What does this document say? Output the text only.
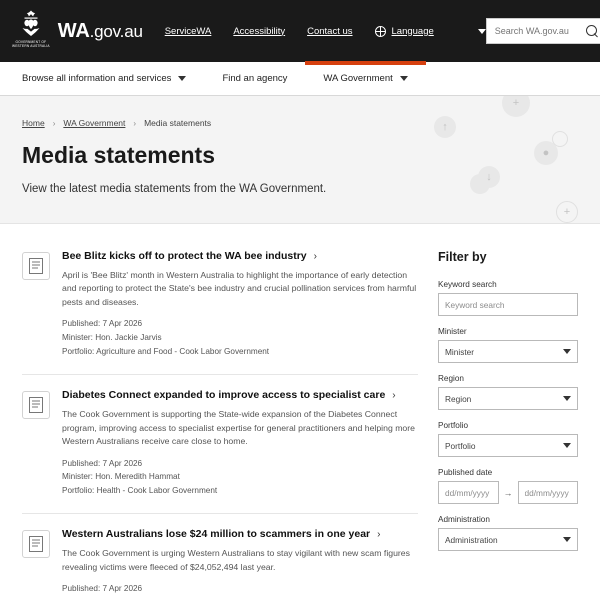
GOVERNMENT OF
WESTERN AUSTRALIA
WA.gov.au ServiceWA Accessibility Contact us	Language
Search WA.gov.au
Browse all information and services	Find an agency	WA Government
↑
+
●
↓
+
Home › WA Government › Media statements
Media statements
View the latest media statements from the WA Government.
Bee Blitz kicks off to protect the WA bee industry ›
April is 'Bee Blitz' month in Western Australia to highlight the importance of early detection and reporting to protect the State's bee industry and crucial pollination services from harmful pests and diseases.
Published: 7 Apr 2026
Minister: Hon. Jackie Jarvis
Portfolio: Agriculture and Food - Cook Labor Government
Diabetes Connect expanded to improve access to specialist care ›
The Cook Government is supporting the State-wide expansion of the Diabetes Connect program, improving access to specialist expertise for general practitioners and helping more Western Australians receive care close to home.
Published: 7 Apr 2026
Minister: Hon. Meredith Hammat
Portfolio: Health - Cook Labor Government
Western Australians lose $24 million to scammers in one year ›
The Cook Government is urging Western Australians to stay vigilant with new scam figures revealing victims were fleeced of $24,052,494 last year.
Published: 7 Apr 2026
Filter by
Keyword search
Keyword search
Minister
Minister
Region
Region
Portfolio
Portfolio
Published date
dd/mm/yyyy
→
dd/mm/yyyy
Administration
Administration
